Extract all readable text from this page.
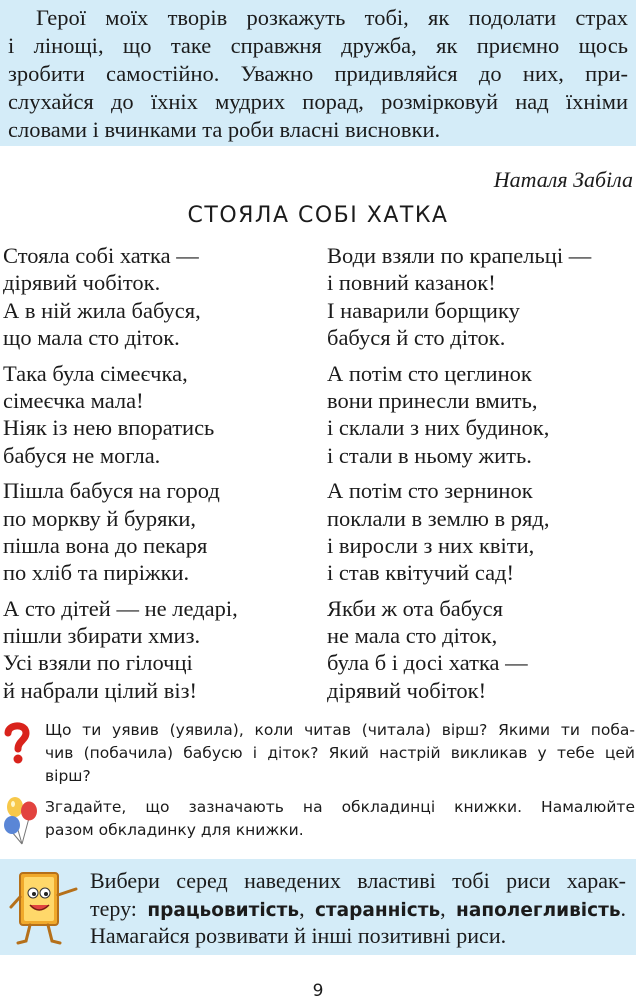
Герої моїх творів розкажуть тобі, як подолати страх
і лінощі, що таке справжня дружба, як приємно щось
зробити самостійно. Уважно придивляйся до них, при-
слухайся до їхніх мудрих порад, розмірковуй над їхніми
словами і вчинками та роби власні висновки.
Наталя Забіла
СТОЯЛА СОБІ ХАТКА
Стояла собі хатка —
дірявий чобіток.
А в ній жила бабуся,
що мала сто діток.
Така була сімеєчка,
сімеєчка мала!
Ніяк із нею впоратись
бабуся не могла.
Пішла бабуся на город
по моркву й буряки,
пішла вона до пекаря
по хліб та пиріжки.
А сто дітей — не ледарі,
пішли збирати хмиз.
Усі взяли по гілочці
й набрали цілий віз!
Води взяли по крапельці —
і повний казанок!
І наварили борщику
бабуся й сто діток.
А потім сто цеглинок
вони принесли вмить,
і склали з них будинок,
і стали в ньому жить.
А потім сто зернинок
поклали в землю в ряд,
і виросли з них квіти,
і став квітучий сад!
Якби ж ота бабуся
не мала сто діток,
була б і досі хатка —
дірявий чобіток!
Що ти уявив (уявила), коли читав (читала) вірш? Якими ти поба-
чив (побачила) бабусю і діток? Який настрій викликав у тебе цей
вірш?
Згадайте, що зазначають на обкладинці книжки. Намалюйте
разом обкладинку для книжки.
Вибери серед наведених властиві тобі риси харак-
теру: працьовитість, старанність, наполегливість.
Намагайся розвивати й інші позитивні риси.
9
